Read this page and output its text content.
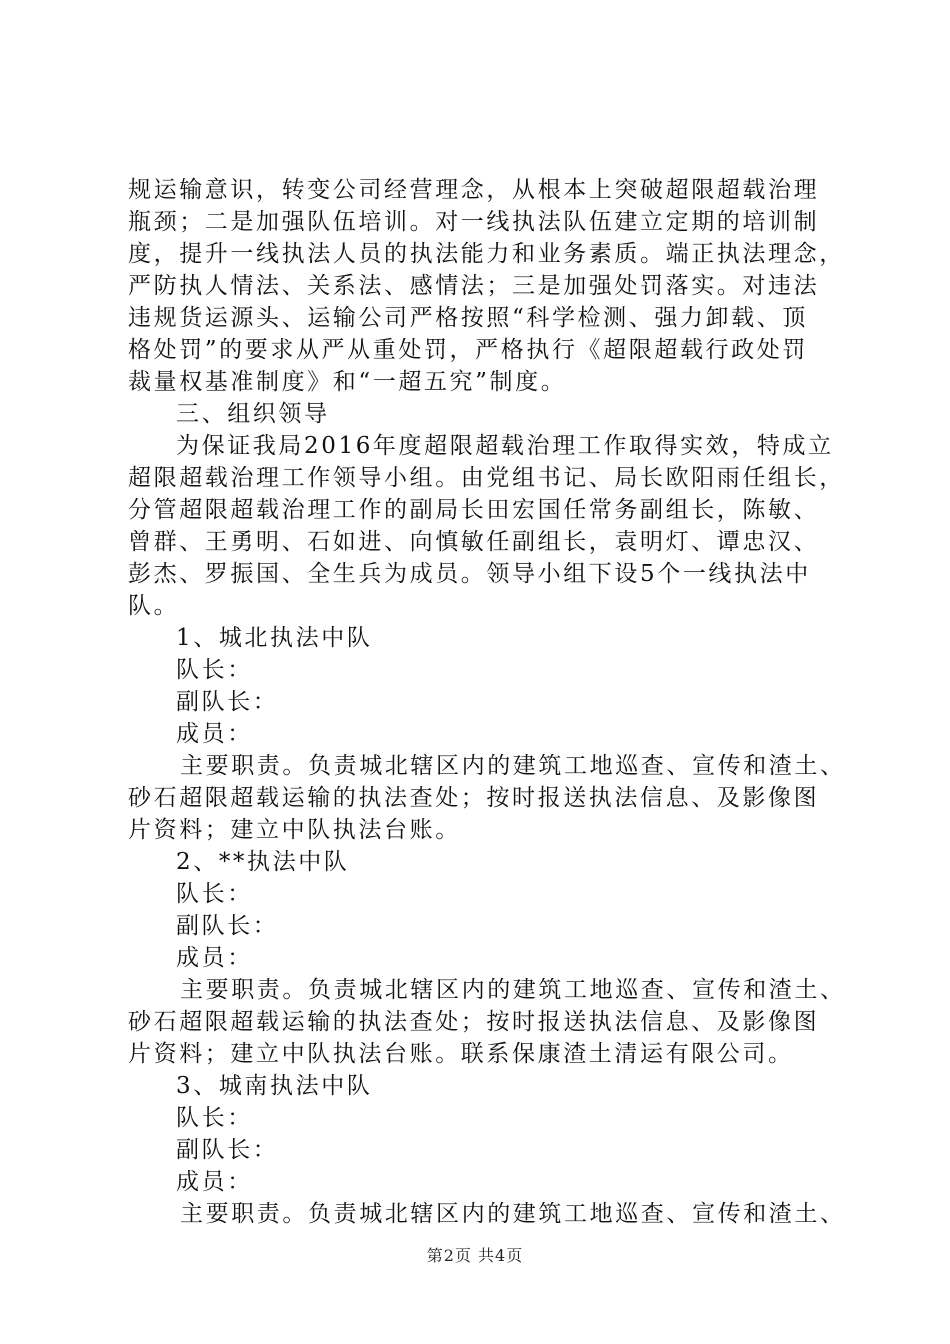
规运输意识，转变公司经营理念，从根本上突破超限超载治理
瓶颈；二是加强队伍培训。对一线执法队伍建立定期的培训制
度，提升一线执法人员的执法能力和业务素质。端正执法理念，
严防执人情法、关系法、感情法；三是加强处罚落实。对违法
违规货运源头、运输公司严格按照“科学检测、强力卸载、顶
格处罚”的要求从严从重处罚，严格执行《超限超载行政处罚
裁量权基准制度》和“一超五究”制度。
三、组织领导
为保证我局2016年度超限超载治理工作取得实效，特成立
超限超载治理工作领导小组。由党组书记、局长欧阳雨任组长，
分管超限超载治理工作的副局长田宏国任常务副组长，陈敏、
曾群、王勇明、石如进、向慎敏任副组长，袁明灯、谭忠汉、
彭杰、罗振国、全生兵为成员。领导小组下设5个一线执法中
队。
1、城北执法中队
队长：
副队长：
成员：
主要职责。负责城北辖区内的建筑工地巡查、宣传和渣土、
砂石超限超载运输的执法查处；按时报送执法信息、及影像图
片资料；建立中队执法台账。
2、**执法中队
队长：
副队长：
成员：
主要职责。负责城北辖区内的建筑工地巡查、宣传和渣土、
砂石超限超载运输的执法查处；按时报送执法信息、及影像图
片资料；建立中队执法台账。联系保康渣土清运有限公司。
3、城南执法中队
队长：
副队长：
成员：
主要职责。负责城北辖区内的建筑工地巡查、宣传和渣土、
第2页 共4页
